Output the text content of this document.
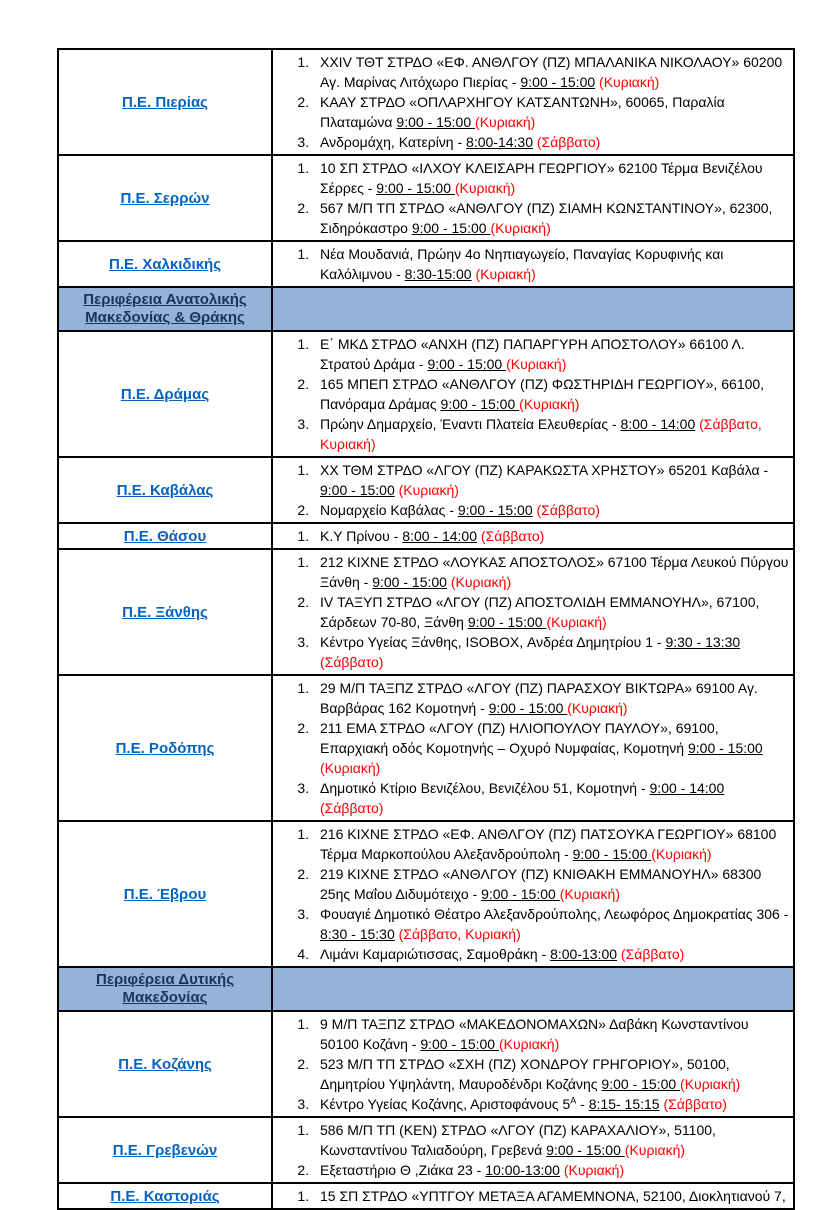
Π.Ε. Πιερίας	
1. XXIV ΤΘΤ ΣΤΡΔΟ «ΕΦ. ΑΝΘΛΓΟΥ (ΠΖ) ΜΠΑΛΑΝΙΚΑ ΝΙΚΟΛΑΟΥ» 60200 Αγ. Μαρίνας Λιτόχωρο Πιερίας - 9:00 - 15:00 (Κυριακή)
2. ΚΑΑΥ ΣΤΡΔΟ «ΟΠΛΑΡΧΗΓΟΥ ΚΑΤΣΑΝΤΩΝΗ», 60065, Παραλία Πλαταμώνα 9:00 - 15:00 (Κυριακή)
3. Ανδρομάχη, Κατερίνη - 8:00-14:30 (Σάββατο)

Π.Ε. Σερρών	
1. 10 ΣΠ ΣΤΡΔΟ «ΙΛΧΟΥ ΚΛΕΙΣΑΡΗ ΓΕΩΡΓΙΟΥ» 62100 Τέρμα Βενιζέλου Σέρρες - 9:00 - 15:00 (Κυριακή)
2. 567 Μ/Π ΤΠ ΣΤΡΔΟ «ΑΝΘΛΓΟΥ (ΠΖ) ΣΙΑΜΗ ΚΩΝΣΤΑΝΤΙΝΟΥ», 62300, Σιδηρόκαστρο 9:00 - 15:00 (Κυριακή)

Π.Ε. Χαλκιδικής	
1. Νέα Μουδανιά, Πρώην 4ο Νηπιαγωγείο, Παναγίας Κορυφινής και Καλόλιμνου - 8:30-15:00 (Κυριακή)

Περιφέρεια Ανατολικής Μακεδονίας & Θράκης	
Π.Ε. Δράμας	
1. Ε΄ ΜΚΔ ΣΤΡΔΟ «ΑΝΧΗ (ΠΖ) ΠΑΠΑΡΓΥΡΗ ΑΠΟΣΤΟΛΟΥ» 66100 Λ. Στρατού Δράμα - 9:00 - 15:00 (Κυριακή)
2. 165 ΜΠΕΠ ΣΤΡΔΟ «ΑΝΘΛΓΟΥ (ΠΖ) ΦΩΣΤΗΡΙΔΗ ΓΕΩΡΓΙΟΥ», 66100, Πανόραμα Δράμας 9:00 - 15:00 (Κυριακή)
3. Πρώην Δημαρχείο, Έναντι Πλατεία Ελευθερίας - 8:00 - 14:00 (Σάββατο, Κυριακή)

Π.Ε. Καβάλας	
1. ΧΧ ΤΘΜ ΣΤΡΔΟ «ΛΓΟΥ (ΠΖ) ΚΑΡΑΚΩΣΤΑ ΧΡΗΣΤΟΥ» 65201 Καβάλα - 9:00 - 15:00 (Κυριακή)
2. Νομαρχείο Καβάλας - 9:00 - 15:00 (Σάββατο)

Π.Ε. Θάσου	
1.Κ.Υ Πρίνου - 8:00 - 14:00 (Σάββατο)

Π.Ε. Ξάνθης	
1. 212 ΚΙΧΝΕ ΣΤΡΔΟ «ΛΟΥΚΑΣ ΑΠΟΣΤΟΛΟΣ» 67100 Τέρμα Λευκού Πύργου Ξάνθη - 9:00 - 15:00 (Κυριακή)
2. IV ΤΑΞΥΠ ΣΤΡΔΟ «ΛΓΟΥ (ΠΖ) ΑΠΟΣΤΟΛΙΔΗ ΕΜΜΑΝΟΥΗΛ», 67100, Σάρδεων 70-80, Ξάνθη 9:00 - 15:00 (Κυριακή)
3. Κέντρο Υγείας Ξάνθης, ISOBOX, Ανδρέα Δημητρίου 1 - 9:30 - 13:30 (Σάββατο)

Π.Ε. Ροδόπης	
1. 29 Μ/Π ΤΑΞΠΖ ΣΤΡΔΟ «ΛΓΟΥ (ΠΖ) ΠΑΡΑΣΧΟΥ ΒΙΚΤΩΡΑ» 69100 Αγ. Βαρβάρας 162 Κομοτηνή - 9:00 - 15:00 (Κυριακή)
2. 211 ΕΜΑ ΣΤΡΔΟ «ΛΓΟΥ (ΠΖ) ΗΛΙΟΠΟΥΛΟΥ ΠΑΥΛΟΥ», 69100, Επαρχιακή οδός Κομοτηνής – Οχυρό Νυμφαίας, Κομοτηνή 9:00 - 15:00 (Κυριακή)
3. Δημοτικό Κτίριο Βενιζέλου, Βενιζέλου 51, Κομοτηνή - 9:00 - 14:00 (Σάββατο)

Π.Ε. Έβρου	
1. 216 ΚΙΧΝΕ ΣΤΡΔΟ «ΕΦ. ΑΝΘΛΓΟΥ (ΠΖ) ΠΑΤΣΟΥΚΑ ΓΕΩΡΓΙΟΥ» 68100 Τέρμα Μαρκοπούλου Αλεξανδρούπολη - 9:00 - 15:00 (Κυριακή)
2. 219 ΚΙΧΝΕ ΣΤΡΔΟ «ΑΝΘΛΓΟΥ (ΠΖ) ΚΝΙΘΑΚΗ ΕΜΜΑΝΟΥΗΛ» 68300 25ης Μαΐου Διδυμότειχο - 9:00 - 15:00 (Κυριακή)
3. Φουαγιέ Δημοτικό Θέατρο Αλεξανδρούπολης, Λεωφόρος Δημοκρατίας 306 - 8:30 - 15:30 (Σάββατο, Κυριακή)
4. Λιμάνι Καμαριώτισσας, Σαμοθράκη - 8:00-13:00 (Σάββατο)

Περιφέρεια Δυτικής Μακεδονίας	
Π.Ε. Κοζάνης	
1. 9 Μ/Π ΤΑΞΠΖ ΣΤΡΔΟ «ΜΑΚΕΔΟΝΟΜΑΧΩΝ» Δαβάκη Κωνσταντίνου 50100 Κοζάνη - 9:00 - 15:00 (Κυριακή)
2. 523 Μ/Π ΤΠ ΣΤΡΔΟ «ΣΧΗ (ΠΖ) ΧΟΝΔΡΟΥ ΓΡΗΓΟΡΙΟΥ», 50100, Δημητρίου Υψηλάντη, Μαυροδένδρι Κοζάνης 9:00 - 15:00 (Κυριακή)
3. Κέντρο Υγείας Κοζάνης, Αριστοφάνους $5^A$ - 8:15- 15:15 (Σάββατο)

Π.Ε. Γρεβενών	
1. 586 Μ/Π ΤΠ (ΚΕΝ) ΣΤΡΔΟ «ΛΓΟΥ (ΠΖ) ΚΑΡΑΧΑΛΙΟΥ», 51100, Κωνσταντίνου Ταλιαδούρη, Γρεβενά 9:00 - 15:00 (Κυριακή)
2. Εξεταστήριο Θ ,Ζιάκα 23 - 10:00-13:00 (Κυριακή)

Π.Ε. Καστοριάς	
1.15 ΣΠ ΣΤΡΔΟ «ΥΠΤΓΟΥ ΜΕΤΑΞΑ ΑΓΑΜΕΜΝΟΝΑ, 52100, Διοκλητιανού 7,
